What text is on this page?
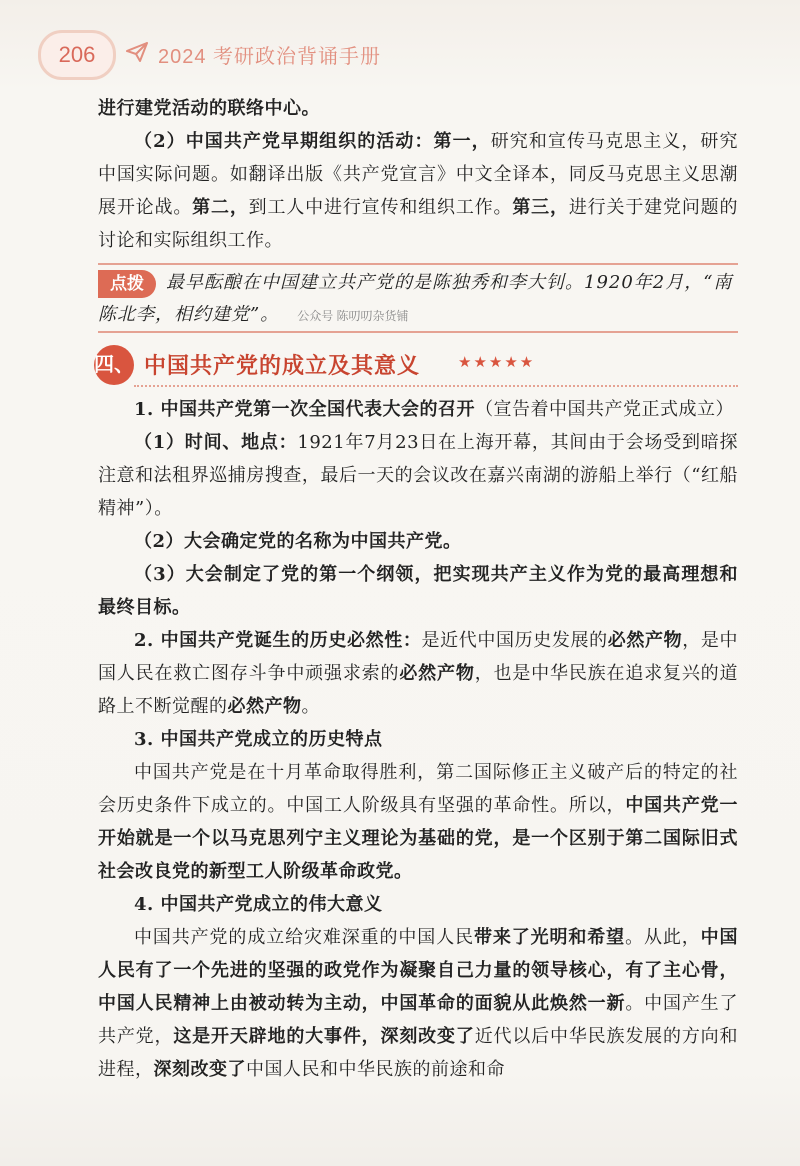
206	2024 考研政治背诵手册

进行建党活动的联络中心。

（2）中国共产党早期组织的活动：第一，研究和宣传马克思主义，研究中国实际问题。如翻译出版《共产党宣言》中文全译本，同反马克思主义思潮展开论战。第二，到工人中进行宣传和组织工作。第三，进行关于建党问题的讨论和实际组织工作。

最早酝酿在中国建立共产党的是陈独秀和李大钊。1920年2月，“南陈北李，相约建党”。 公众号 陈叨叨杂货铺
点拨
四、 中国共产党的成立及其意义	★★★★★

1. 中国共产党第一次全国代表大会的召开（宣告着中国共产党正式成立）

（1）时间、地点：1921年7月23日在上海开幕，其间由于会场受到暗探注意和法租界巡捕房搜查，最后一天的会议改在嘉兴南湖的游船上举行（“红船精神”）。

（2）大会确定党的名称为中国共产党。

（3）大会制定了党的第一个纲领，把实现共产主义作为党的最高理想和最终目标。

2. 中国共产党诞生的历史必然性：是近代中国历史发展的必然产物，是中国人民在救亡图存斗争中顽强求索的必然产物，也是中华民族在追求复兴的道路上不断觉醒的必然产物。

3. 中国共产党成立的历史特点

中国共产党是在十月革命取得胜利，第二国际修正主义破产后的特定的社会历史条件下成立的。中国工人阶级具有坚强的革命性。所以，中国共产党一开始就是一个以马克思列宁主义理论为基础的党，是一个区别于第二国际旧式社会改良党的新型工人阶级革命政党。

4. 中国共产党成立的伟大意义

中国共产党的成立给灾难深重的中国人民带来了光明和希望。从此，中国人民有了一个先进的坚强的政党作为凝聚自己力量的领导核心，有了主心骨，中国人民精神上由被动转为主动，中国革命的面貌从此焕然一新。中国产生了共产党，这是开天辟地的大事件，深刻改变了近代以后中华民族发展的方向和进程，深刻改变了中国人民和中华民族的前途和命
